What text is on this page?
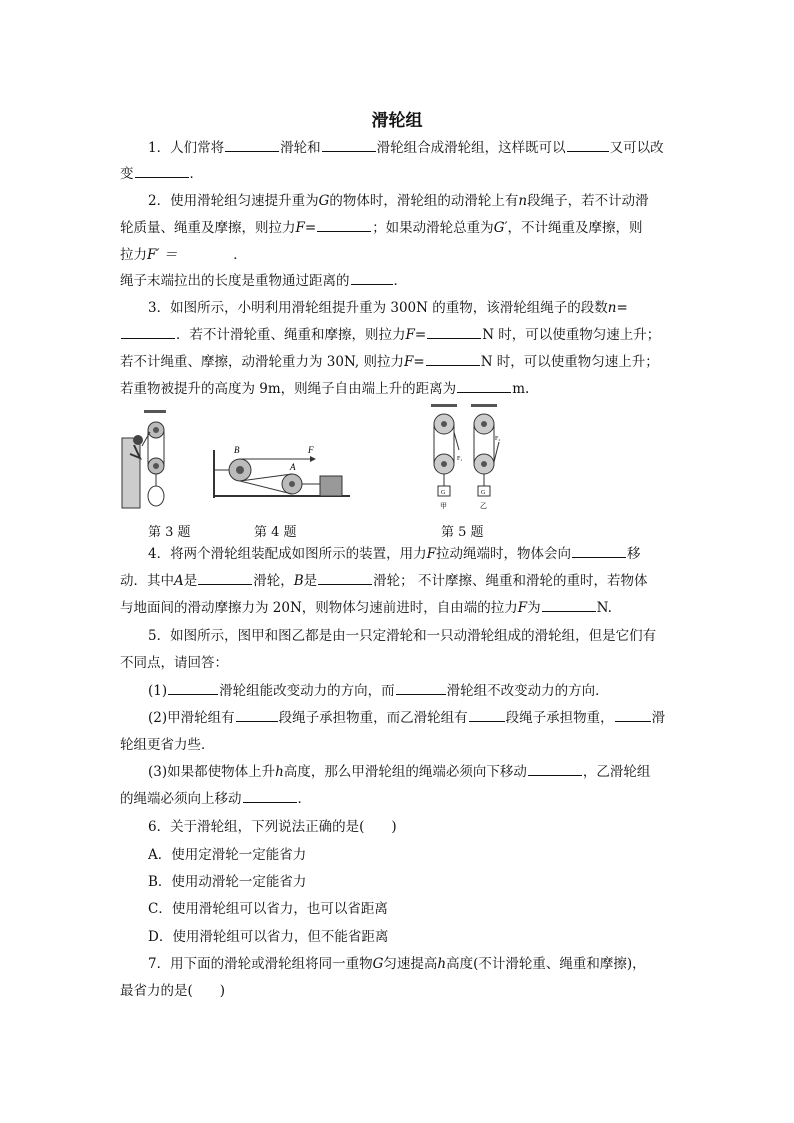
滑轮组
1．人们常将	滑轮和	滑轮组合成滑轮组，这样既可以	又可以改
变	．
2．使用滑轮组匀速提升重为G的物体时，滑轮组的动滑轮上有n段绳子，若不计动滑
轮质量、绳重及摩擦，则拉力F=	；如果动滑轮总重为G′，不计绳重及摩擦，则
拉力F′ ＝	．
绳子末端拉出的长度是重物通过距离的	．
3．如图所示，小明利用滑轮组提升重为 300N 的重物，该滑轮组绳子的段数n=
．若不计滑轮重、绳重和摩擦，则拉力F=	N 时，可以使重物匀速上升；
若不计绳重、摩擦，动滑轮重力为 30N, 则拉力F=	N 时，可以使重物匀速上升；
若重物被提升的高度为 9m，则绳子自由端上升的距离为	m.
B
A
F
G	G
F₁
F₂
甲	乙
第 3 题	第 4 题	第 5 题
4．将两个滑轮组装配成如图所示的装置，用力F拉动绳端时，物体会向	移
动．其中A是	滑轮，B是	滑轮； 不计摩擦、绳重和滑轮的重时，若物体
与地面间的滑动摩擦力为 20N，则物体匀速前进时，自由端的拉力F为	N.
5．如图所示，图甲和图乙都是由一只定滑轮和一只动滑轮组成的滑轮组，但是它们有
不同点，请回答：
(1)	滑轮组能改变动力的方向，而	滑轮组不改变动力的方向．
(2)甲滑轮组有	段绳子承担物重，而乙滑轮组有	段绳子承担物重，	滑
轮组更省力些．
(3)如果都使物体上升h高度，那么甲滑轮组的绳端必须向下移动	，乙滑轮组
的绳端必须向上移动	．
6．关于滑轮组，下列说法正确的是(　　)
A．使用定滑轮一定能省力
B．使用动滑轮一定能省力
C．使用滑轮组可以省力，也可以省距离
D．使用滑轮组可以省力，但不能省距离
7．用下面的滑轮或滑轮组将同一重物G匀速提高h高度(不计滑轮重、绳重和摩擦)，
最省力的是(　　)
